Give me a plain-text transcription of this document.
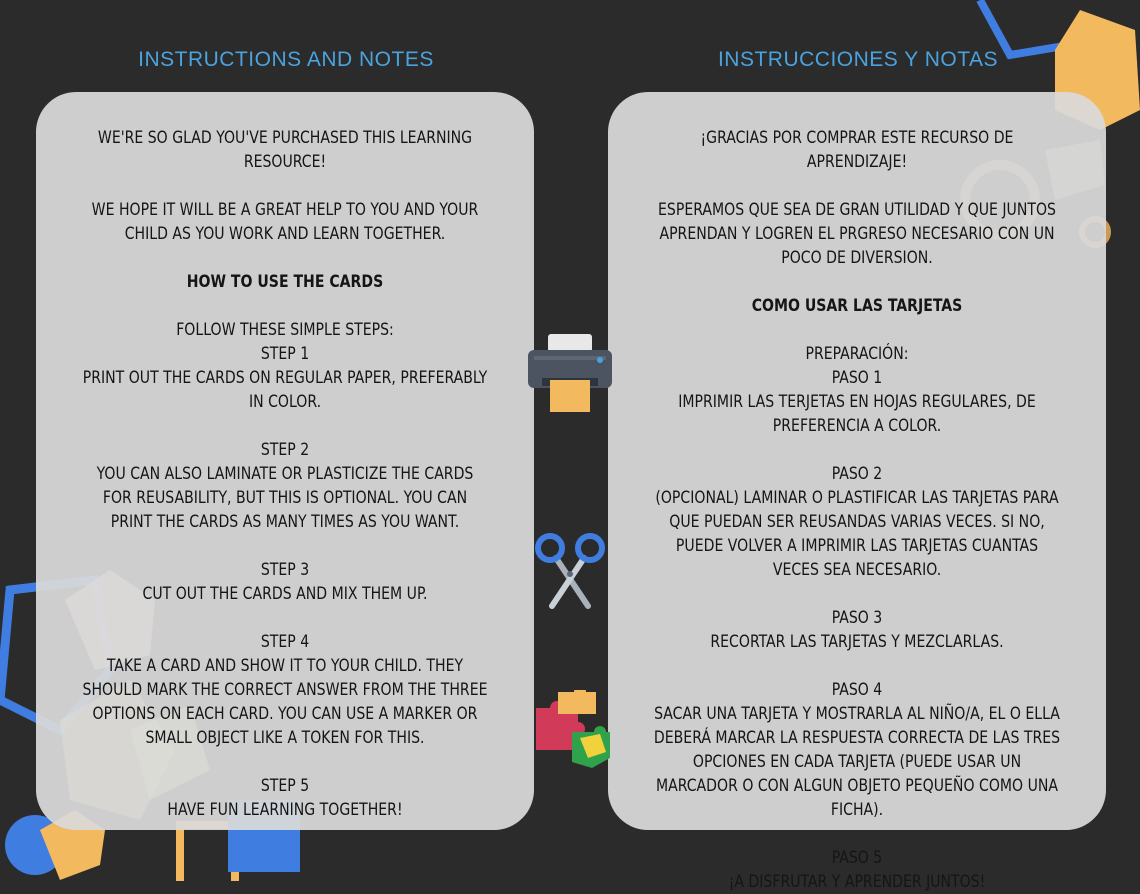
INSTRUCTIONS AND NOTES

WE'RE SO GLAD YOU'VE PURCHASED THIS LEARNING RESOURCE!

WE HOPE IT WILL BE A GREAT HELP TO YOU AND YOUR CHILD AS YOU WORK AND LEARN TOGETHER.

HOW TO USE THE CARDS

FOLLOW THESE SIMPLE STEPS:

STEP 1
PRINT OUT THE CARDS ON REGULAR PAPER, PREFERABLY IN COLOR.
STEP 2
YOU CAN ALSO LAMINATE OR PLASTICIZE THE CARDS FOR REUSABILITY, BUT THIS IS OPTIONAL. YOU CAN PRINT THE CARDS AS MANY TIMES AS YOU WANT.
STEP 3
CUT OUT THE CARDS AND MIX THEM UP.
STEP 4
TAKE A CARD AND SHOW IT TO YOUR CHILD. THEY SHOULD MARK THE CORRECT ANSWER FROM THE THREE OPTIONS ON EACH CARD. YOU CAN USE A MARKER OR SMALL OBJECT LIKE A TOKEN FOR THIS.
STEP 5
HAVE FUN LEARNING TOGETHER!
INSTRUCCIONES Y NOTAS

¡GRACIAS POR COMPRAR ESTE RECURSO DE APRENDIZAJE!

ESPERAMOS QUE SEA DE GRAN UTILIDAD Y QUE JUNTOS APRENDAN Y LOGREN EL PRGRESO NECESARIO CON UN POCO DE DIVERSION.

COMO USAR LAS TARJETAS

PREPARACIÓN:

PASO 1
IMPRIMIR LAS TERJETAS EN HOJAS REGULARES, DE PREFERENCIA A COLOR.
PASO 2
(OPCIONAL) LAMINAR O PLASTIFICAR LAS TARJETAS PARA QUE PUEDAN SER REUSANDAS VARIAS VECES. SI NO, PUEDE VOLVER A IMPRIMIR LAS TARJETAS CUANTAS VECES SEA NECESARIO.
PASO 3
RECORTAR LAS TARJETAS Y MEZCLARLAS.
PASO 4
SACAR UNA TARJETA Y MOSTRARLA AL NIÑO/A, EL O ELLA DEBERÁ MARCAR LA RESPUESTA CORRECTA DE LAS TRES OPCIONES EN CADA TARJETA (PUEDE USAR UN MARCADOR O CON ALGUN OBJETO PEQUEÑO COMO UNA FICHA).
PASO 5
¡A DISFRUTAR Y APRENDER JUNTOS!
